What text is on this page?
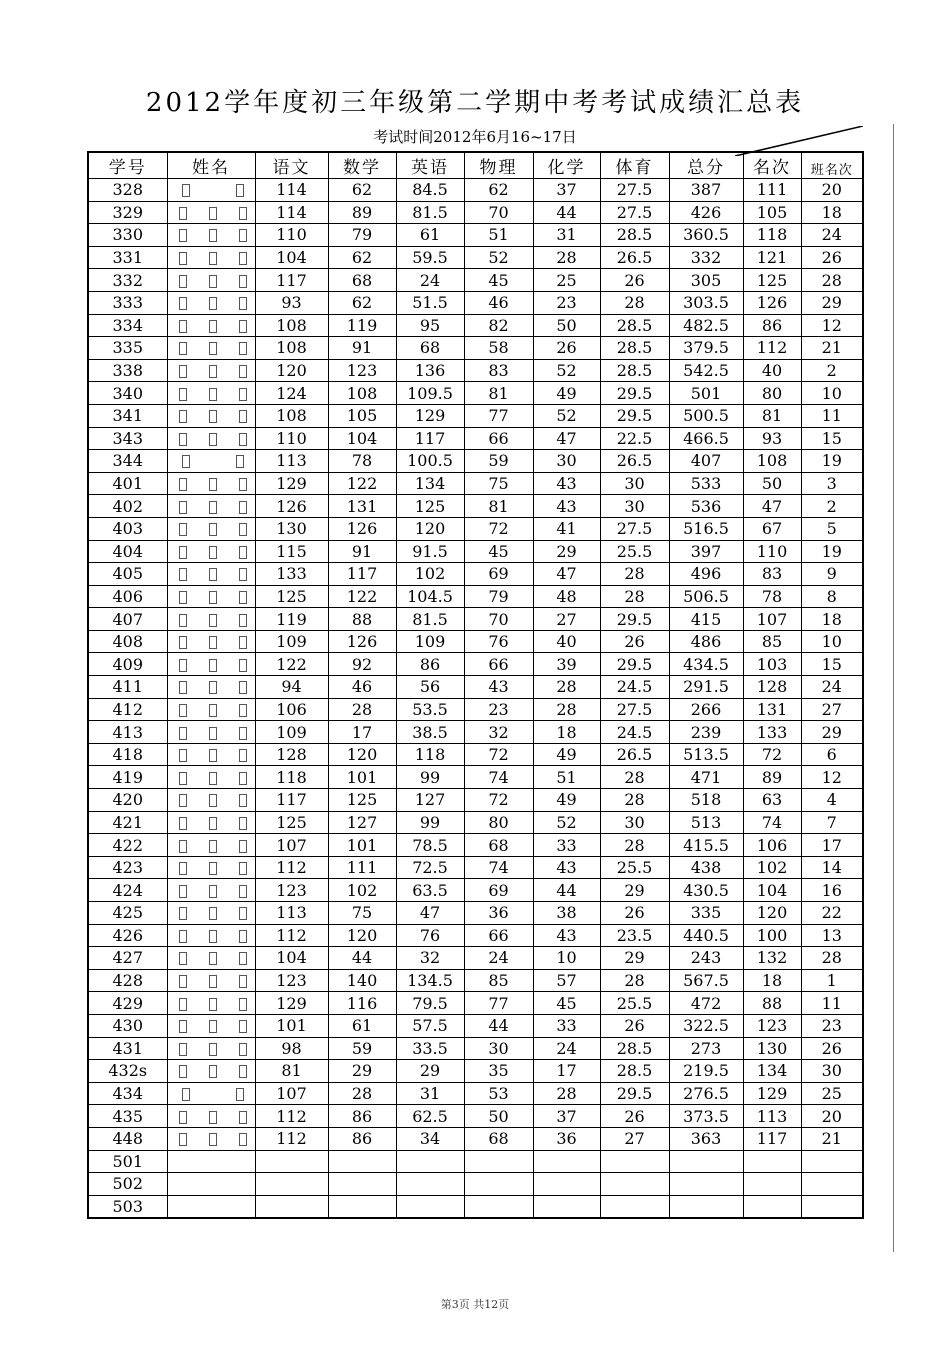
2012学年度初三年级第二学期中考考试成绩汇总表
考试时间2012年6月16~17日
学号	姓名	语文	数学	英语	物理	化学	体育	总分	名次	班名次
328		114	62	84.5	62	37	27.5	387	111	20
329		114	89	81.5	70	44	27.5	426	105	18
330		110	79	61	51	31	28.5	360.5	118	24
331		104	62	59.5	52	28	26.5	332	121	26
332		117	68	24	45	25	26	305	125	28
333		93	62	51.5	46	23	28	303.5	126	29
334		108	119	95	82	50	28.5	482.5	86	12
335		108	91	68	58	26	28.5	379.5	112	21
338		120	123	136	83	52	28.5	542.5	40	2
340		124	108	109.5	81	49	29.5	501	80	10
341		108	105	129	77	52	29.5	500.5	81	11
343		110	104	117	66	47	22.5	466.5	93	15
344		113	78	100.5	59	30	26.5	407	108	19
401		129	122	134	75	43	30	533	50	3
402		126	131	125	81	43	30	536	47	2
403		130	126	120	72	41	27.5	516.5	67	5
404		115	91	91.5	45	29	25.5	397	110	19
405		133	117	102	69	47	28	496	83	9
406		125	122	104.5	79	48	28	506.5	78	8
407		119	88	81.5	70	27	29.5	415	107	18
408		109	126	109	76	40	26	486	85	10
409		122	92	86	66	39	29.5	434.5	103	15
411		94	46	56	43	28	24.5	291.5	128	24
412		106	28	53.5	23	28	27.5	266	131	27
413		109	17	38.5	32	18	24.5	239	133	29
418		128	120	118	72	49	26.5	513.5	72	6
419		118	101	99	74	51	28	471	89	12
420		117	125	127	72	49	28	518	63	4
421		125	127	99	80	52	30	513	74	7
422		107	101	78.5	68	33	28	415.5	106	17
423		112	111	72.5	74	43	25.5	438	102	14
424		123	102	63.5	69	44	29	430.5	104	16
425		113	75	47	36	38	26	335	120	22
426		112	120	76	66	43	23.5	440.5	100	13
427		104	44	32	24	10	29	243	132	28
428		123	140	134.5	85	57	28	567.5	18	1
429		129	116	79.5	77	45	25.5	472	88	11
430		101	61	57.5	44	33	26	322.5	123	23
431		98	59	33.5	30	24	28.5	273	130	26
432s		81	29	29	35	17	28.5	219.5	134	30
434		107	28	31	53	28	29.5	276.5	129	25
435		112	86	62.5	50	37	26	373.5	113	20
448		112	86	34	68	36	27	363	117	21
501										
502										
503										
第3页 共12页
